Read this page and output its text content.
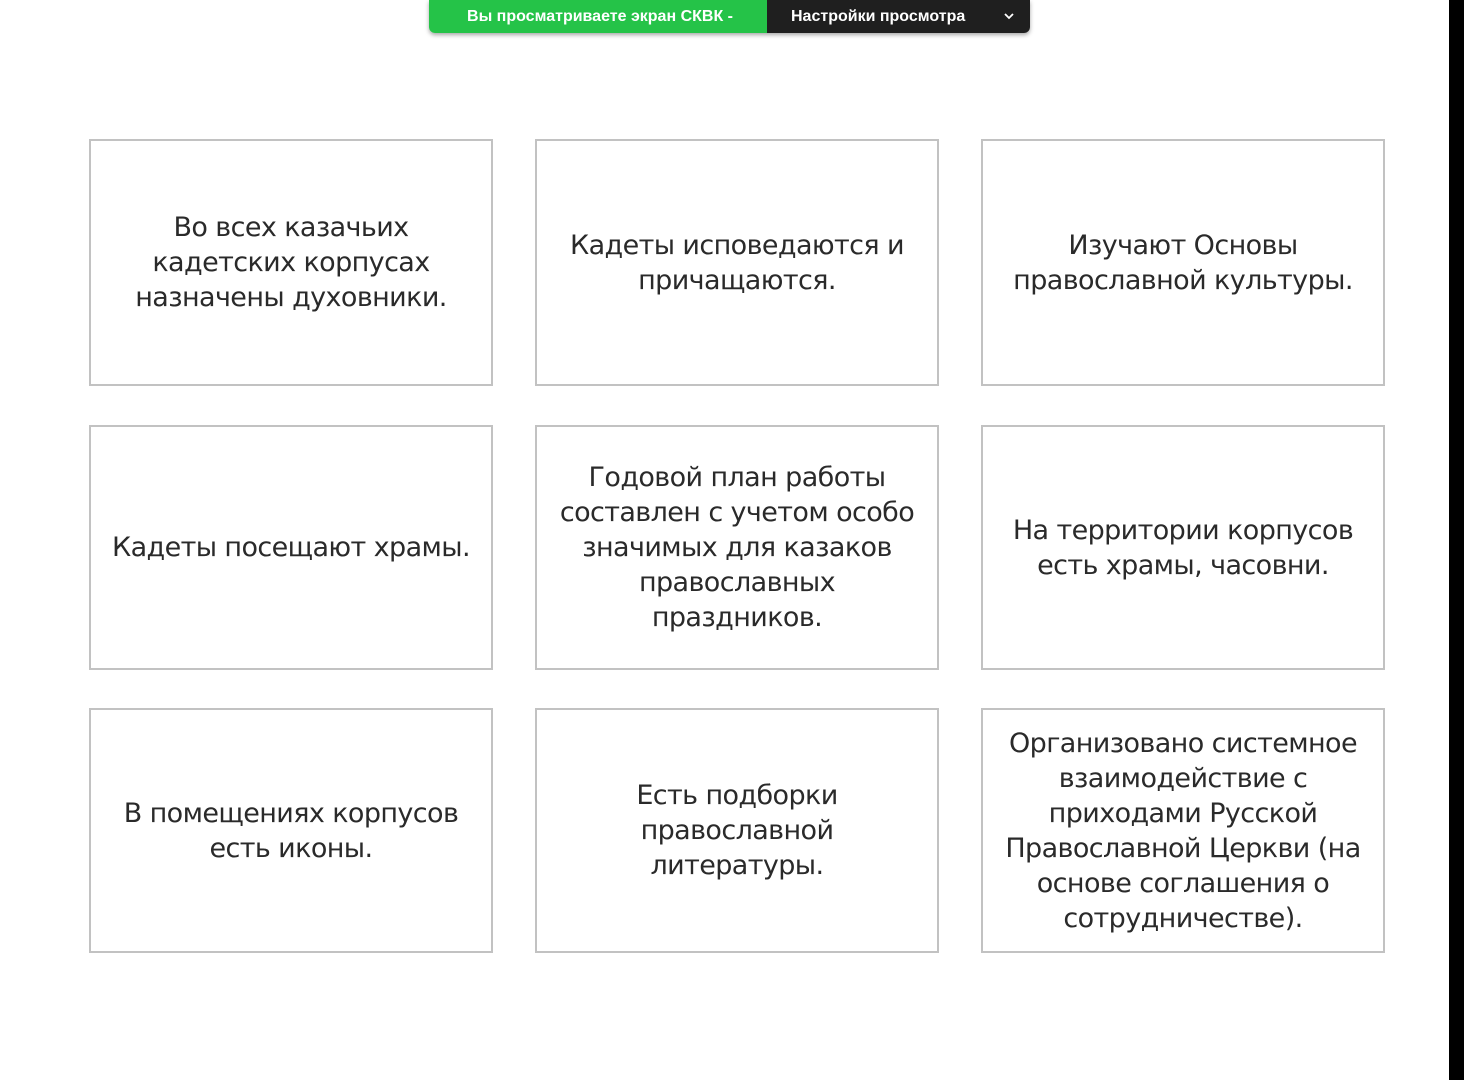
Вы просматриваете экран СКВК -	Настройки просмотра
Во всех казачьих кадетских корпусах назначены духовники.
Кадеты исповедаются и причащаются.
Изучают Основы православной культуры.
Кадеты посещают храмы.
Годовой план работы составлен с учетом особо значимых для казаков православных праздников.
На территории корпусов есть храмы, часовни.
В помещениях корпусов есть иконы.
Есть подборки православной литературы.
Организовано системное взаимодействие с приходами Русской Православной Церкви (на основе соглашения о сотрудничестве).
